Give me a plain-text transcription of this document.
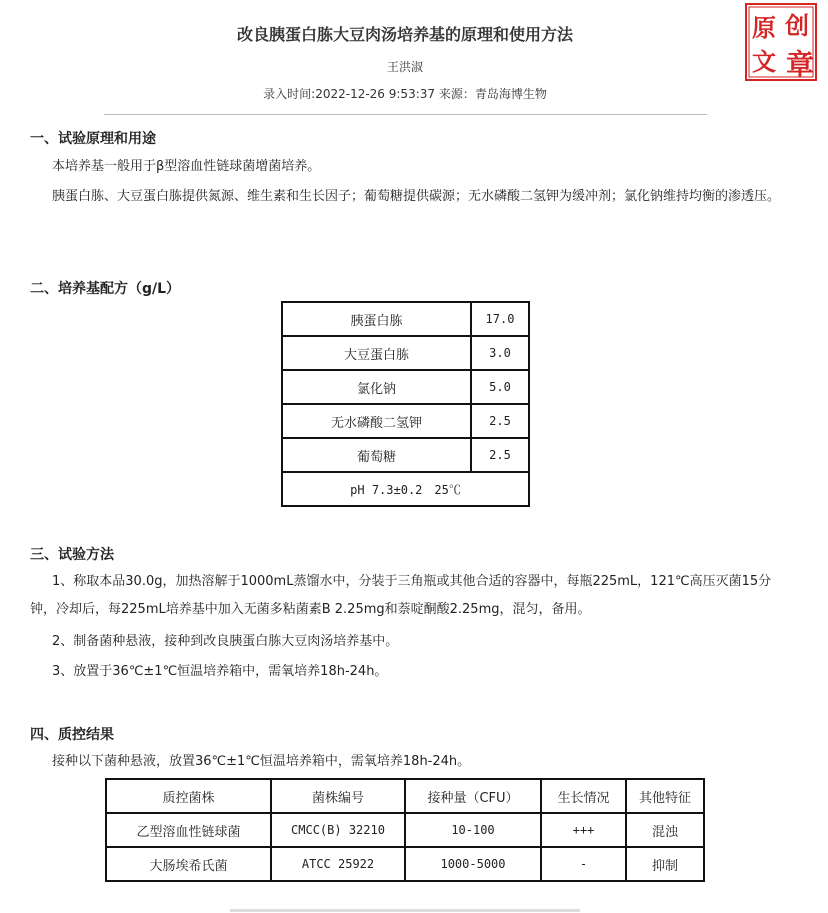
改良胰蛋白胨大豆肉汤培养基的原理和使用方法
王洪淑
录入时间:2022-12-26 9:53:37 来源：青岛海博生物
原 创
文 章
一、试验原理和用途

本培养基一般用于β型溶血性链球菌增菌培养。

胰蛋白胨、大豆蛋白胨提供氮源、维生素和生长因子；葡萄糖提供碳源；无水磷酸二氢钾为缓冲剂；氯化钠维持均衡的渗透压。

二、培养基配方（g/L）
胰蛋白胨	17.0
大豆蛋白胨	3.0
氯化钠	5.0
无水磷酸二氢钾	2.5
葡萄糖	2.5
pH 7.3±0.2　25℃	
三、试验方法

1、称取本品30.0g，加热溶解于1000mL蒸馏水中，分装于三角瓶或其他合适的容器中，每瓶225mL，121℃高压灭菌15分钟，冷却后，每225mL培养基中加入无菌多粘菌素B 2.25mg和萘啶酮酸2.25mg，混匀，备用。

2、制备菌种悬液，接种到改良胰蛋白胨大豆肉汤培养基中。

3、放置于36℃±1℃恒温培养箱中，需氧培养18h-24h。

四、质控结果

接种以下菌种悬液，放置36℃±1℃恒温培养箱中，需氧培养18h-24h。

质控菌株	菌株编号	接种量（CFU）	生长情况	其他特征
乙型溶血性链球菌	CMCC(B) 32210	10-100	+++	混浊
大肠埃希氏菌	ATCC 25922	1000-5000	-	抑制
